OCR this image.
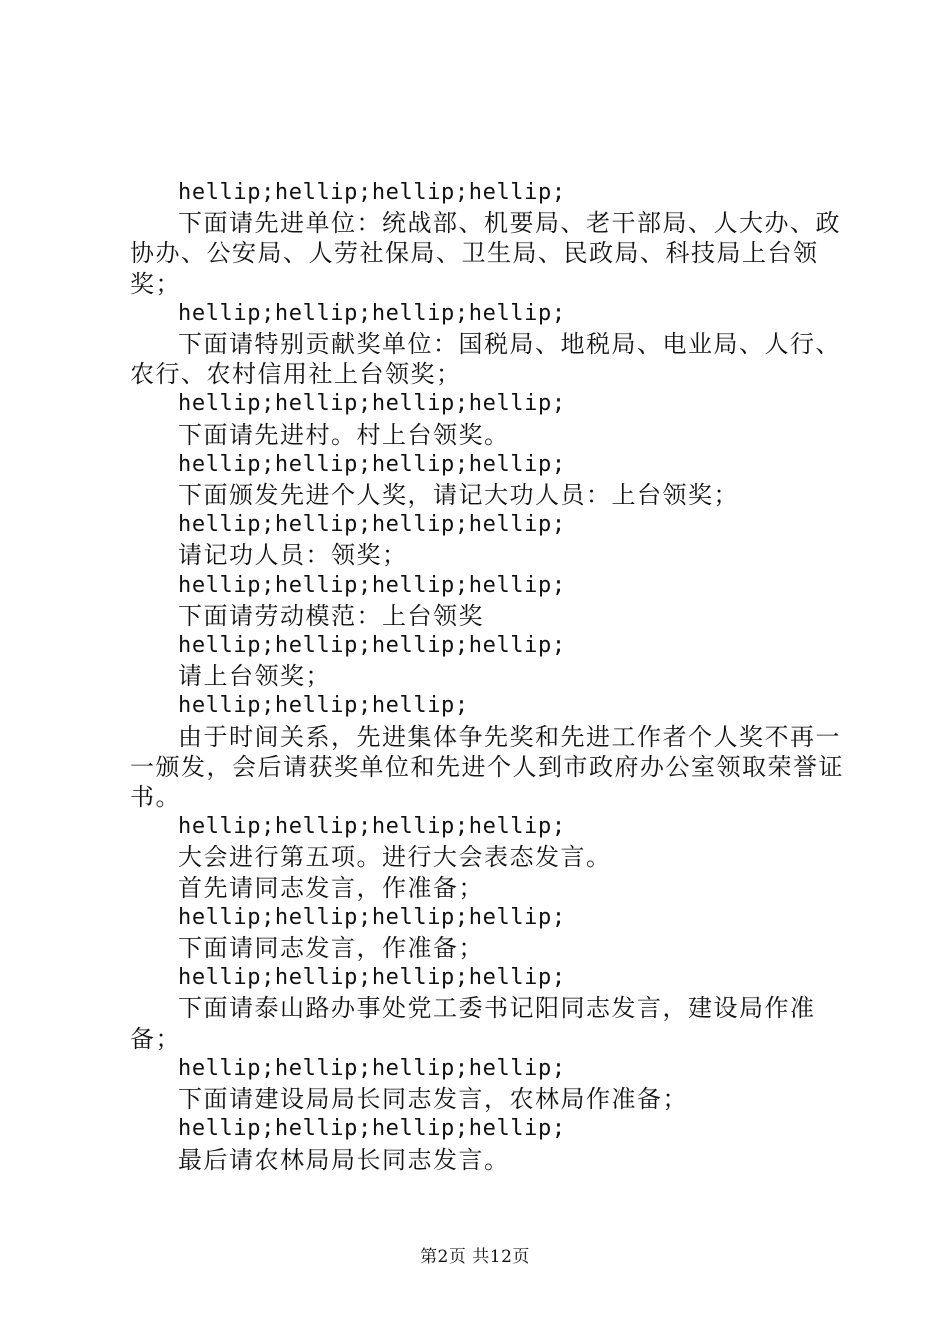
hellip;hellip;hellip;hellip;

下面请先进单位：统战部、机要局、老干部局、人大办、政协办、公安局、人劳社保局、卫生局、民政局、科技局上台领奖；

hellip;hellip;hellip;hellip;

下面请特别贡献奖单位：国税局、地税局、电业局、人行、农行、农村信用社上台领奖；

hellip;hellip;hellip;hellip;

下面请先进村。村上台领奖。

hellip;hellip;hellip;hellip;

下面颁发先进个人奖，请记大功人员：上台领奖；

hellip;hellip;hellip;hellip;

请记功人员：领奖；

hellip;hellip;hellip;hellip;

下面请劳动模范：上台领奖

hellip;hellip;hellip;hellip;

请上台领奖；

hellip;hellip;hellip;

由于时间关系，先进集体争先奖和先进工作者个人奖不再一一颁发，会后请获奖单位和先进个人到市政府办公室领取荣誉证书。

hellip;hellip;hellip;hellip;

大会进行第五项。进行大会表态发言。

首先请同志发言，作准备；

hellip;hellip;hellip;hellip;

下面请同志发言，作准备；

hellip;hellip;hellip;hellip;

下面请泰山路办事处党工委书记阳同志发言，建设局作准备；

hellip;hellip;hellip;hellip;

下面请建设局局长同志发言，农林局作准备；

hellip;hellip;hellip;hellip;

最后请农林局局长同志发言。

第2页 共12页
